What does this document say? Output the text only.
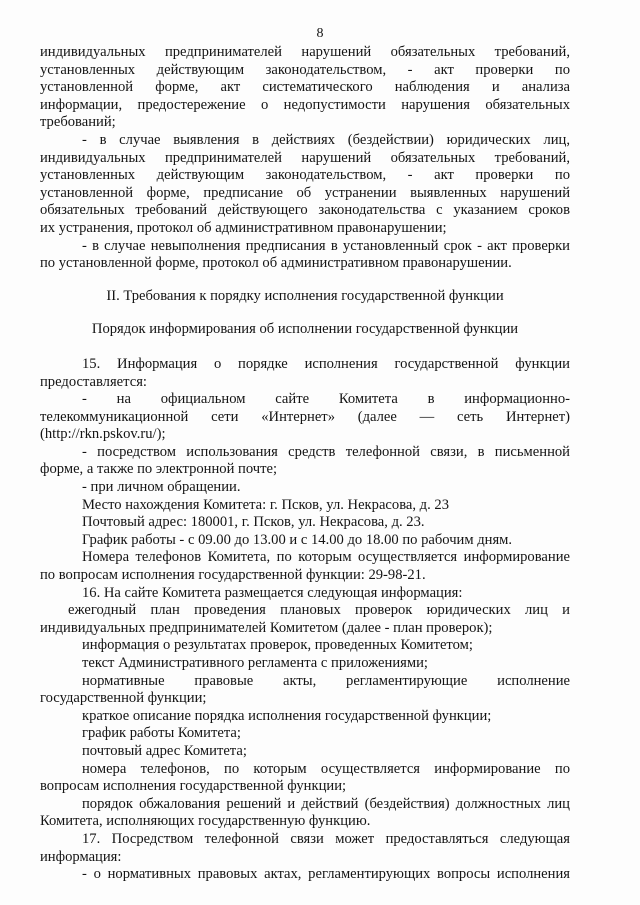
8
индивидуальных предпринимателей нарушений обязательных требований,
установленных действующим законодательством, - акт проверки по
установленной форме, акт систематического наблюдения и анализа
информации, предостережение о недопустимости нарушения обязательных
требований;
- в случае выявления в действиях (бездействии) юридических лиц,
индивидуальных предпринимателей нарушений обязательных требований,
установленных действующим законодательством, - акт проверки по
установленной форме, предписание об устранении выявленных нарушений
обязательных требований действующего законодательства с указанием сроков
их устранения, протокол об административном правонарушении;
- в случае невыполнения предписания в установленный срок - акт проверки
по установленной форме, протокол об административном правонарушении.
II. Требования к порядку исполнения государственной функции
Порядок информирования об исполнении государственной функции
15. Информация о порядке исполнения государственной функции
предоставляется:
- на официальном сайте Комитета в информационно-
телекоммуникационной сети «Интернет» (далее — сеть Интернет)
(http://rkn.pskov.ru/);
- посредством использования средств телефонной связи, в письменной
форме, а также по электронной почте;
- при личном обращении.
Место нахождения Комитета: г. Псков, ул. Некрасова, д. 23
Почтовый адрес: 180001, г. Псков, ул. Некрасова, д. 23.
График работы - с 09.00 до 13.00 и с 14.00 до 18.00 по рабочим дням.
Номера телефонов Комитета, по которым осуществляется информирование
по вопросам исполнения государственной функции: 29-98-21.
16. На сайте Комитета размещается следующая информация:
ежегодный план проведения плановых проверок юридических лиц и
индивидуальных предпринимателей Комитетом (далее - план проверок);
информация о результатах проверок, проведенных Комитетом;
текст Административного регламента с приложениями;
нормативные правовые акты, регламентирующие исполнение
государственной функции;
краткое описание порядка исполнения государственной функции;
график работы Комитета;
почтовый адрес Комитета;
номера телефонов, по которым осуществляется информирование по
вопросам исполнения государственной функции;
порядок обжалования решений и действий (бездействия) должностных лиц
Комитета, исполняющих государственную функцию.
17. Посредством телефонной связи может предоставляться следующая
информация:
- о нормативных правовых актах, регламентирующих вопросы исполнения
